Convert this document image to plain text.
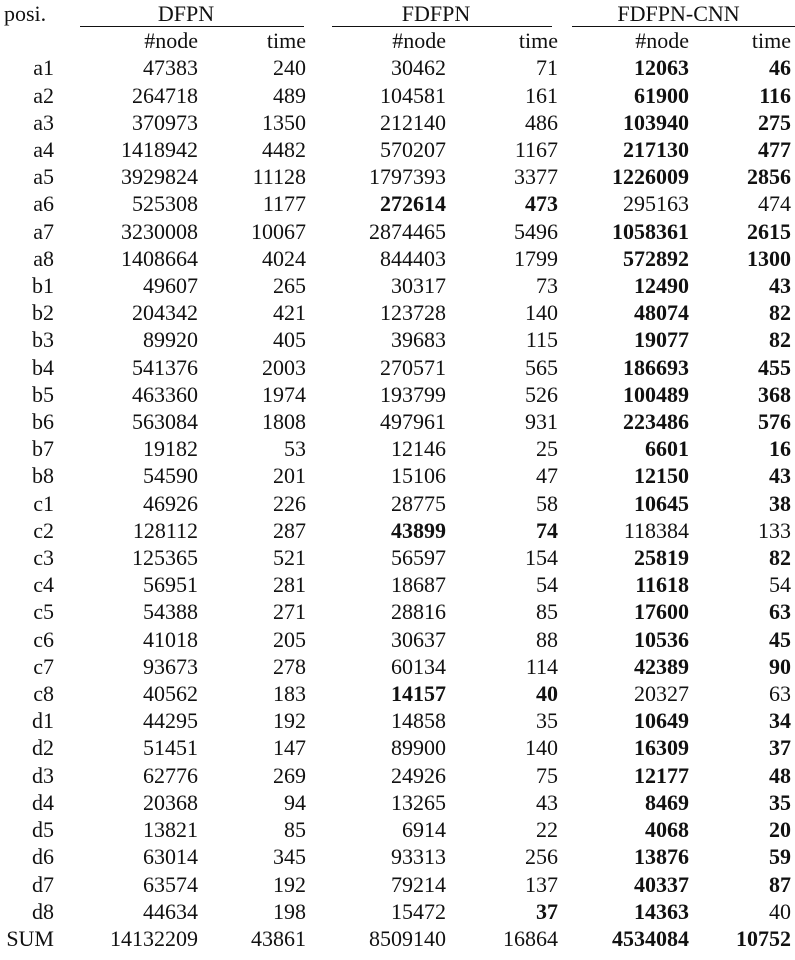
posi.	DFPN		FDFPN		FDFPN-CNN	

	#node	time	#node	time	#node	time
a1	47383	240	30462	71	12063	46
a2	264718	489	104581	161	61900	116
a3	370973	1350	212140	486	103940	275
a4	1418942	4482	570207	1167	217130	477
a5	3929824	11128	1797393	3377	1226009	2856
a6	525308	1177	272614	473	295163	474
a7	3230008	10067	2874465	5496	1058361	2615
a8	1408664	4024	844403	1799	572892	1300
b1	49607	265	30317	73	12490	43
b2	204342	421	123728	140	48074	82
b3	89920	405	39683	115	19077	82
b4	541376	2003	270571	565	186693	455
b5	463360	1974	193799	526	100489	368
b6	563084	1808	497961	931	223486	576
b7	19182	53	12146	25	6601	16
b8	54590	201	15106	47	12150	43
c1	46926	226	28775	58	10645	38
c2	128112	287	43899	74	118384	133
c3	125365	521	56597	154	25819	82
c4	56951	281	18687	54	11618	54
c5	54388	271	28816	85	17600	63
c6	41018	205	30637	88	10536	45
c7	93673	278	60134	114	42389	90
c8	40562	183	14157	40	20327	63
d1	44295	192	14858	35	10649	34
d2	51451	147	89900	140	16309	37
d3	62776	269	24926	75	12177	48
d4	20368	94	13265	43	8469	35
d5	13821	85	6914	22	4068	20
d6	63014	345	93313	256	13876	59
d7	63574	192	79214	137	40337	87
d8	44634	198	15472	37	14363	40
SUM	14132209	43861	8509140	16864	4534084	10752
